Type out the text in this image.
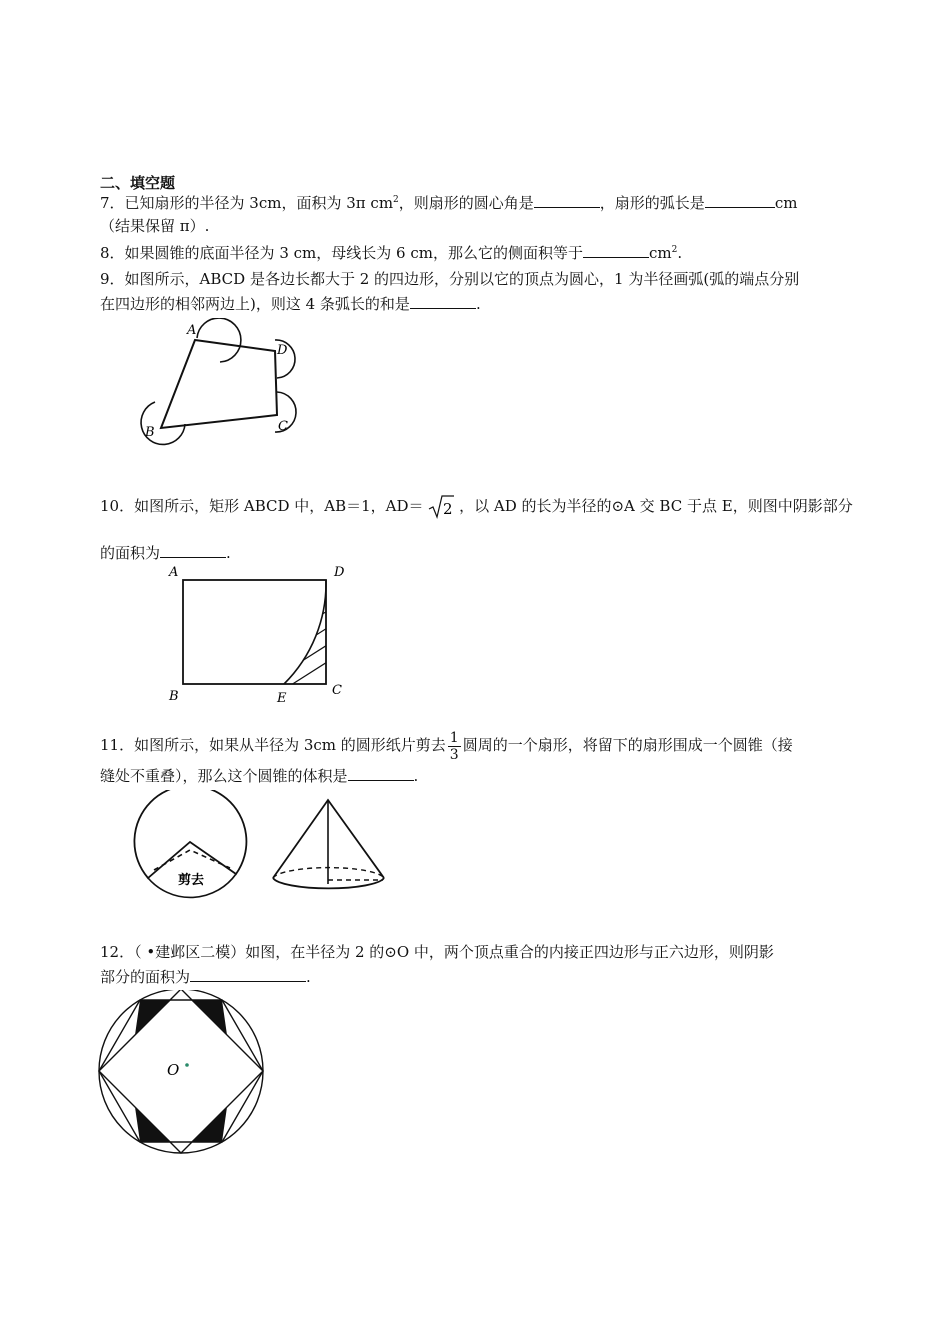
二、填空题
7．已知扇形的半径为 3cm，面积为 3π $cm^2$，则扇形的圆心角是	，扇形的弧长是	cm
（结果保留 π）.
8．如果圆锥的底面半径为 3 cm，母线长为 6 cm，那么它的侧面积等于	$cm^2$.
9．如图所示，ABCD 是各边长都大于 2 的四边形，分别以它的顶点为圆心，1 为半径画弧(弧的端点分别
在四边形的相邻两边上)，则这 4 条弧长的和是	.
A
D
C
B
10．如图所示，矩形 ABCD 中，AB＝1，AD＝ 2 ，以 AD 的长为半径的⊙A 交 BC 于点 E，则图中阴影部分
的面积为	.
A	D
B	E
C
11．如图所示，如果从半径为 3cm 的圆形纸片剪去 $\frac{1}{3}$ 圆周的一个扇形，将留下的扇形围成一个圆锥（接
缝处不重叠），那么这个圆锥的体积是	.
剪去
12．（ •建邺区二模）如图，在半径为 2 的⊙O 中，两个顶点重合的内接正四边形与正六边形，则阴影
部分的面积为	.
O
